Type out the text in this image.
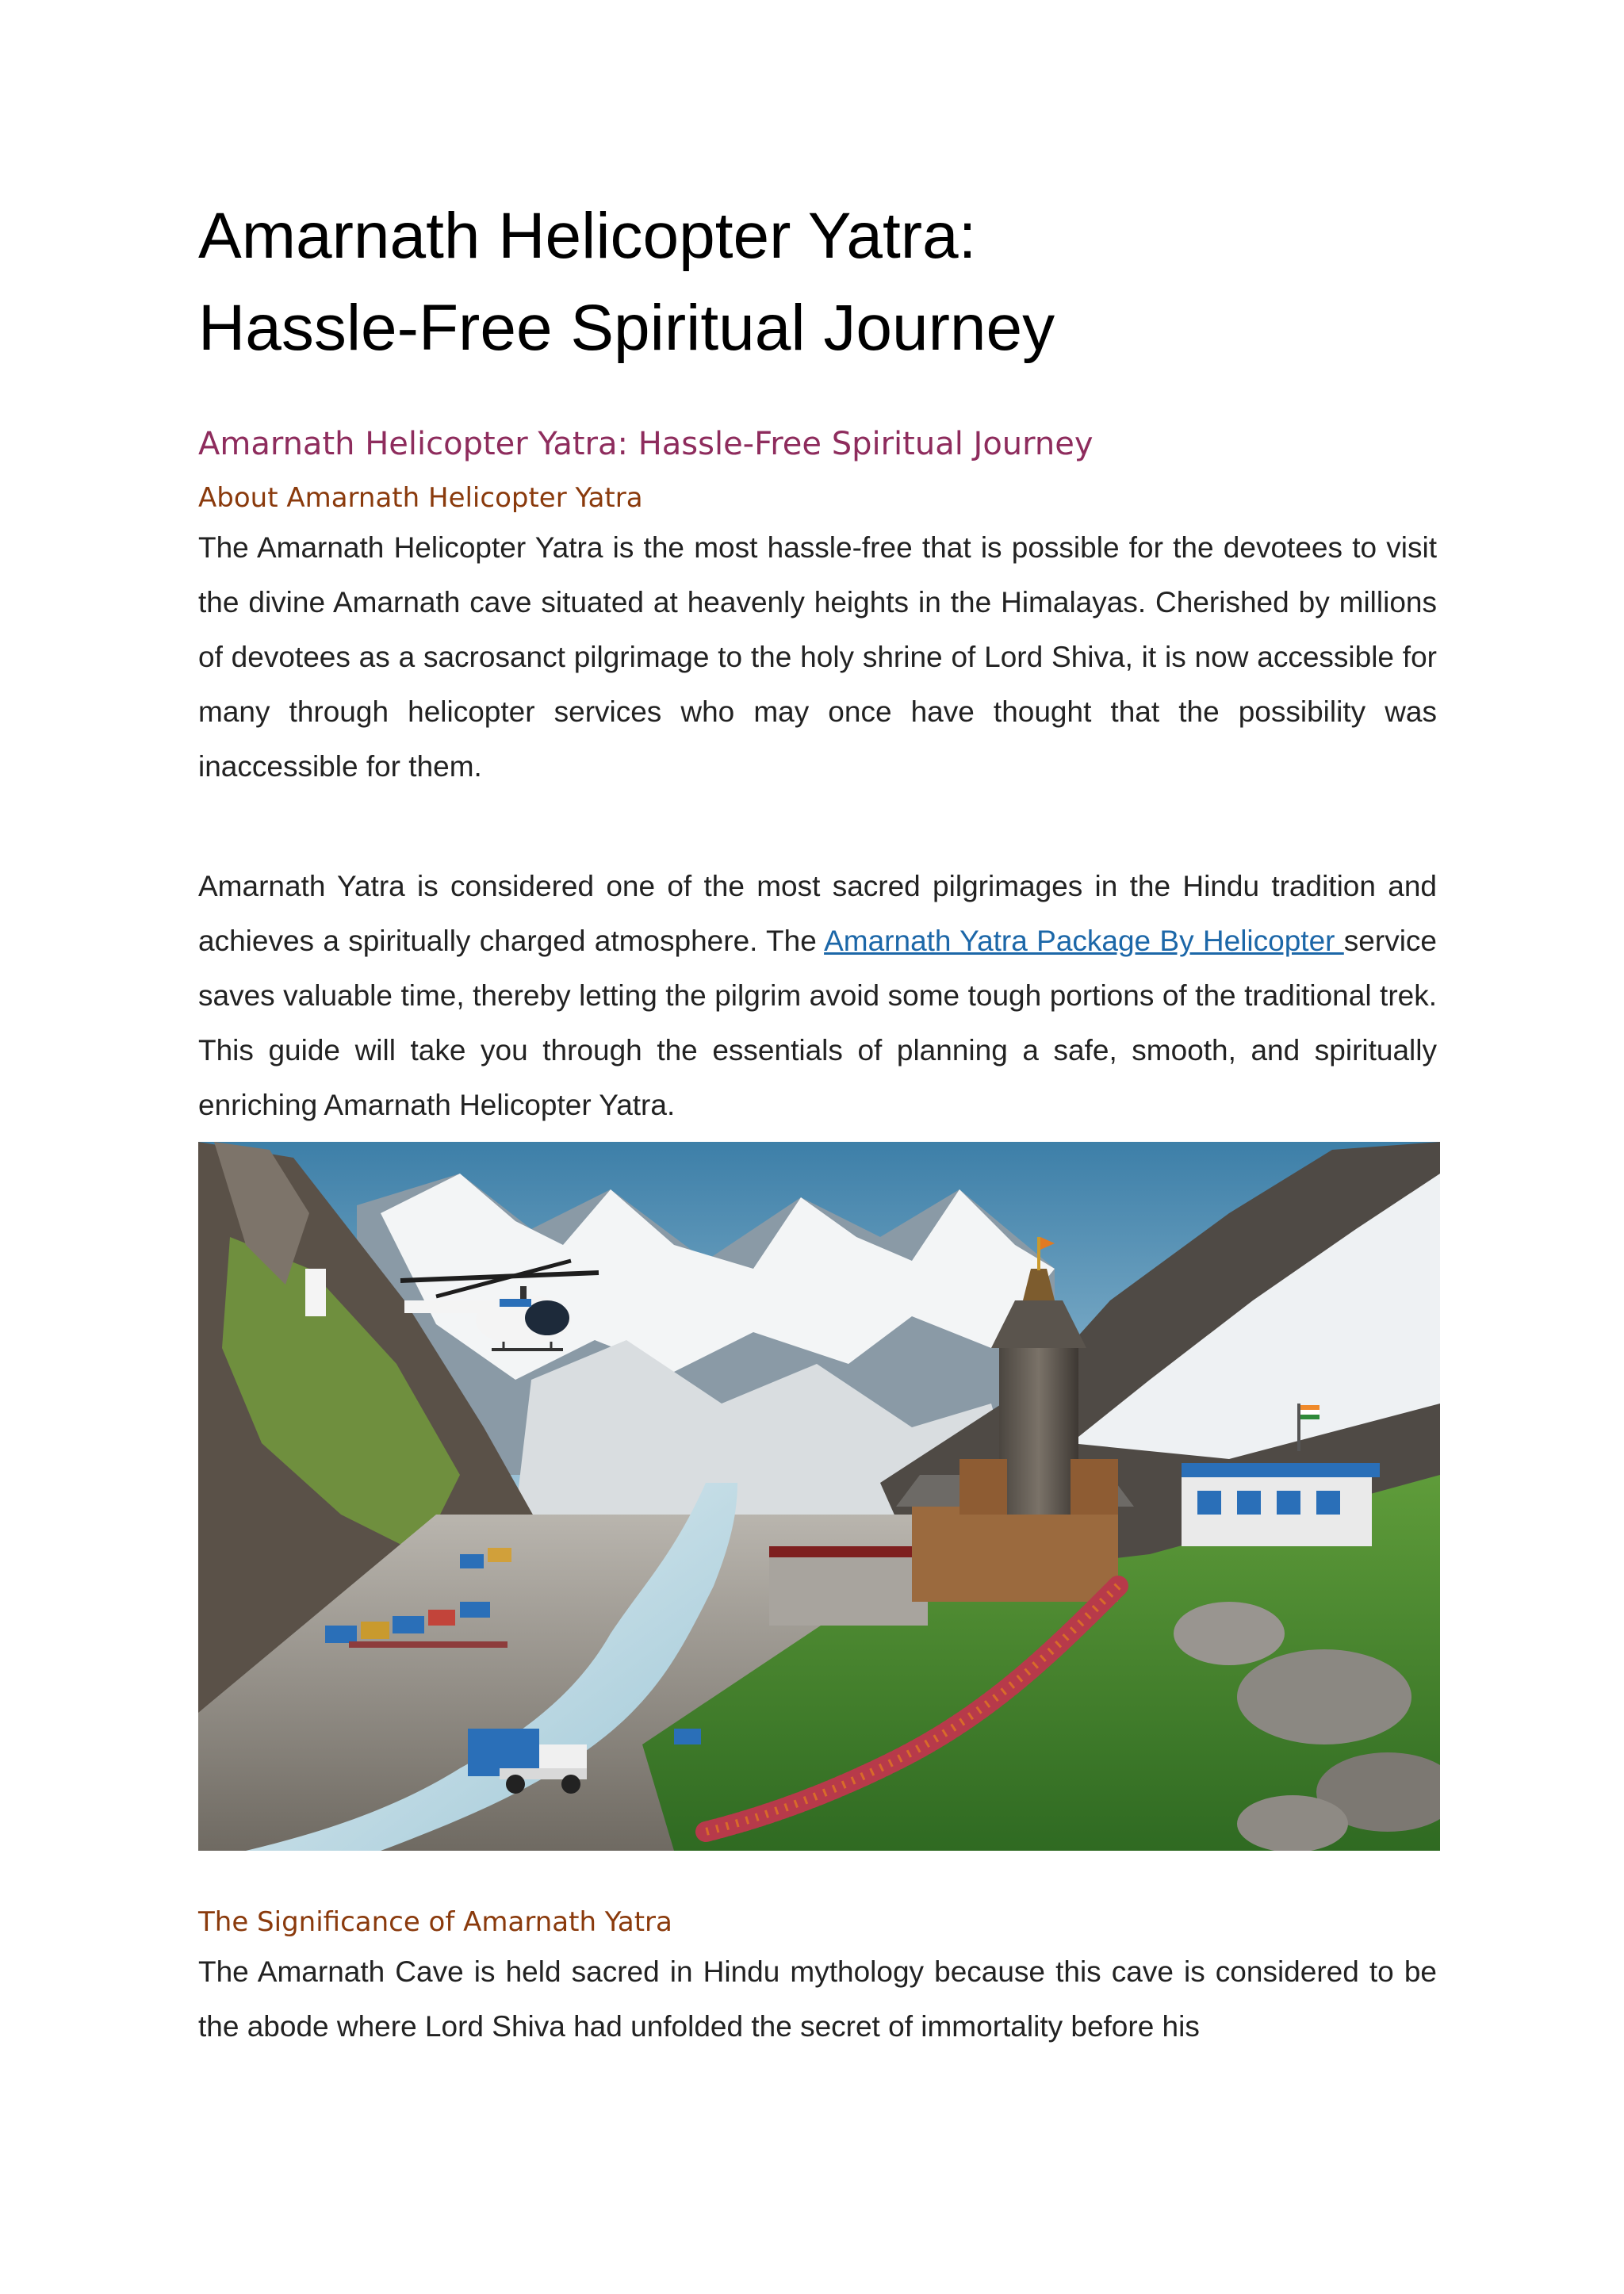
Amarnath Helicopter Yatra:
Hassle-Free Spiritual Journey
Amarnath Helicopter Yatra: Hassle-Free Spiritual Journey
About Amarnath Helicopter Yatra

The Amarnath Helicopter Yatra is the most hassle-free that is possible for the devotees to visit the divine Amarnath cave situated at heavenly heights in the Himalayas. Cherished by millions of devotees as a sacrosanct pilgrimage to the holy shrine of Lord Shiva, it is now accessible for many through helicopter services who may once have thought that the possibility was inaccessible for them.

Amarnath Yatra is considered one of the most sacred pilgrimages in the Hindu tradition and achieves a spiritually charged atmosphere. The Amarnath Yatra Package By Helicopter service saves valuable time, thereby letting the pilgrim avoid some tough portions of the traditional trek. This guide will take you through the essentials of planning a safe, smooth, and spiritually enriching Amarnath Helicopter Yatra.

The Significance of Amarnath Yatra

The Amarnath Cave is held sacred in Hindu mythology because this cave is considered to be the abode where Lord Shiva had unfolded the secret of immortality before his
